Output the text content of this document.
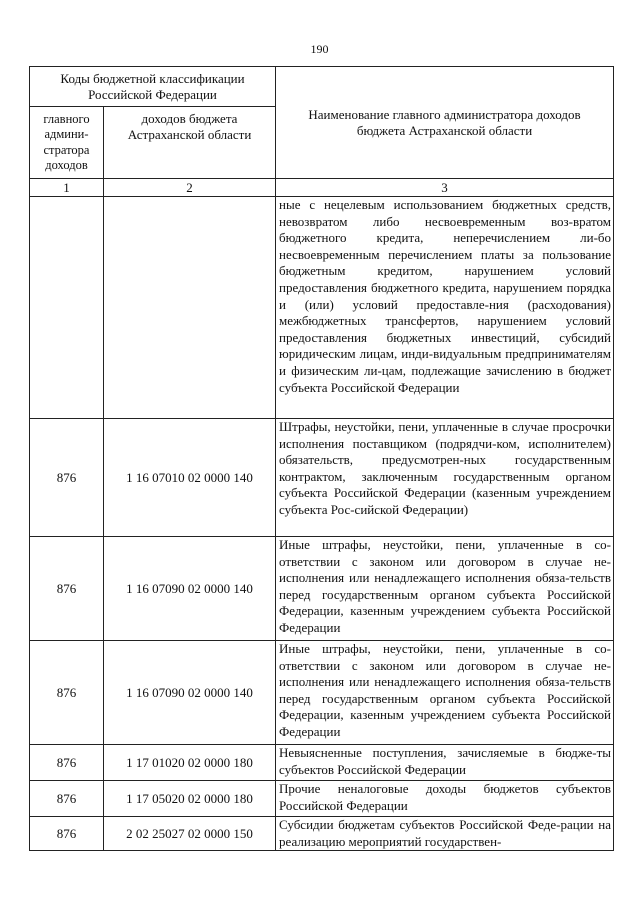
190
Коды бюджетной классификации Российской Федерации		Наименование главного администратора доходов бюджета Астраханской области
главного админи-стратора доходов	доходов бюджета Астраханской области	
1	2	3
		ные с нецелевым использованием бюджетных средств, невозвратом либо несвоевременным воз-вратом бюджетного кредита, неперечислением ли-бо несвоевременным перечислением платы за пользование бюджетным кредитом, нарушением условий предоставления бюджетного кредита, нарушением порядка и (или) условий предоставле-ния (расходования) межбюджетных трансфертов, нарушением условий предоставления бюджетных инвестиций, субсидий юридическим лицам, инди-видуальным предпринимателям и физическим ли-цам, подлежащие зачислению в бюджет субъекта Российской Федерации
876	1 16 07010 02 0000 140	Штрафы, неустойки, пени, уплаченные в случае просрочки исполнения поставщиком (подрядчи-ком, исполнителем) обязательств, предусмотрен-ных государственным контрактом, заключенным государственным органом субъекта Российской Федерации (казенным учреждением субъекта Рос-сийской Федерации)
876	1 16 07090 02 0000 140	Иные штрафы, неустойки, пени, уплаченные в со-ответствии с законом или договором в случае не-исполнения или ненадлежащего исполнения обяза-тельств перед государственным органом субъекта Российской Федерации, казенным учреждением субъекта Российской Федерации
876	1 16 07090 02 0000 140	Иные штрафы, неустойки, пени, уплаченные в со-ответствии с законом или договором в случае не-исполнения или ненадлежащего исполнения обяза-тельств перед государственным органом субъекта Российской Федерации, казенным учреждением субъекта Российской Федерации
876	1 17 01020 02 0000 180	Невыясненные поступления, зачисляемые в бюдже-ты субъектов Российской Федерации
876	1 17 05020 02 0000 180	Прочие неналоговые доходы бюджетов субъектов Российской Федерации
876	2 02 25027 02 0000 150	Субсидии бюджетам субъектов Российской Феде-рации на реализацию мероприятий государствен-
